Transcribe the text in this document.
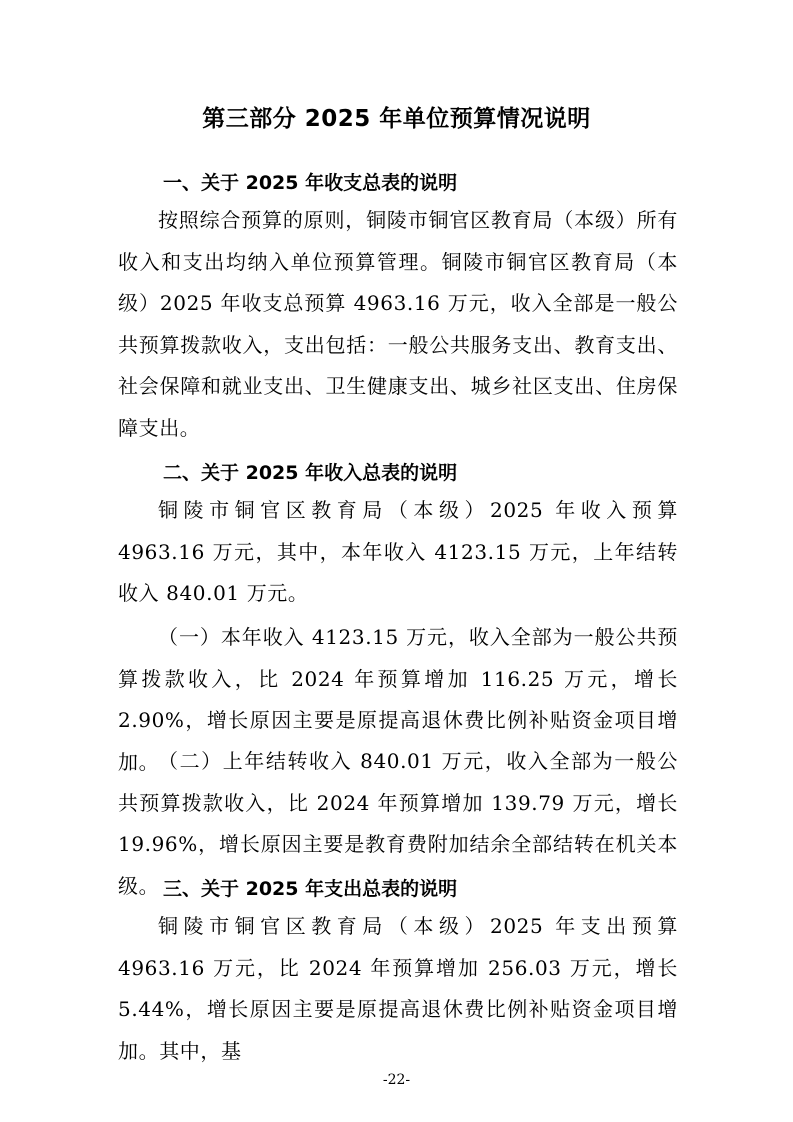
第三部分 2025 年单位预算情况说明
一、关于 2025 年收支总表的说明
按照综合预算的原则，铜陵市铜官区教育局（本级）所有收入和支出均纳入单位预算管理。铜陵市铜官区教育局（本级）2025 年收支总预算 4963.16 万元，收入全部是一般公共预算拨款收入，支出包括：一般公共服务支出、教育支出、社会保障和就业支出、卫生健康支出、城乡社区支出、住房保障支出。
二、关于 2025 年收入总表的说明
铜陵市铜官区教育局（本级）2025 年收入预算 4963.16 万元，其中，本年收入 4123.15 万元，上年结转收入 840.01 万元。
（一）本年收入 4123.15 万元，收入全部为一般公共预算拨款收入，比 2024 年预算增加 116.25 万元，增长 2.90%，增长原因主要是原提高退休费比例补贴资金项目增加。
（二）上年结转收入 840.01 万元，收入全部为一般公共预算拨款收入，比 2024 年预算增加 139.79 万元，增长 19.96%，增长原因主要是教育费附加结余全部结转在机关本级。 三、关于 2025 年支出总表的说明
铜陵市铜官区教育局（本级）2025 年支出预算 4963.16 万元，比 2024 年预算增加 256.03 万元，增长 5.44%，增长原因主要是原提高退休费比例补贴资金项目增加。其中，基
-22-
